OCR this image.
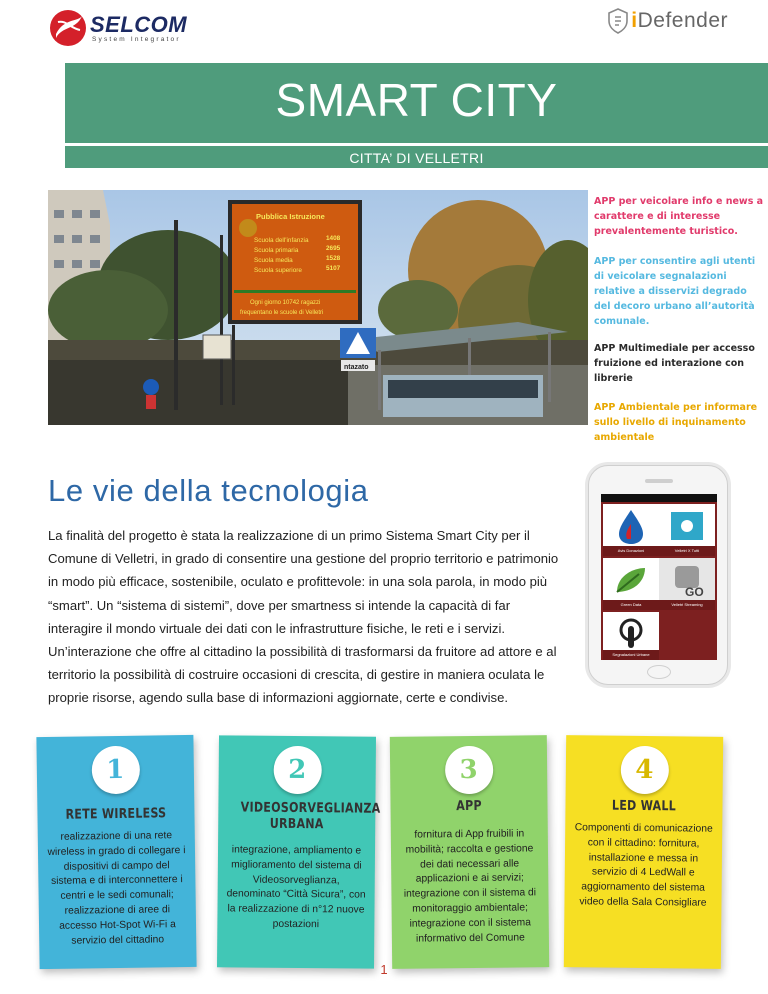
SELCOM
System Integrator
iDefender
SMART CITY
CITTA’ DI VELLETRI
Pubblica Istruzione
Scuola dell'infanzia	1408
Scuola primaria	2695
Scuola media	1528
Scuola superiore	5107
Ogni giorno 10742 ragazzi
frequentano le scuole di Velletri
ntazato
APP per veicolare info e news a carattere e di interesse prevalentemente turistico.
APP per consentire agli utenti di veicolare segnalazioni relative a disservizi degrado del decoro urbano all’autorità comunale.
APP Multimediale per accesso fruizione ed interazione con librerie
APP Ambientale per informare sullo livello di inquinamento ambientale
Le vie della tecnologia
La finalità del progetto è stata la realizzazione di un primo Sistema Smart City per il Comune di Velletri, in grado di consentire una gestione del proprio territorio e patrimonio in modo più efficace, sostenibile, oculato e profittevole: in una sola parola, in modo più “smart”. Un “sistema di sistemi”, dove per smartness si intende la capacità di far interagire il mondo virtuale dei dati con le infrastrutture fisiche, le reti e i servizi. Un’interazione che offre al cittadino la possibilità di trasformarsi da fruitore ad attore e al territorio la possibilità di costruire occasioni di crescita, di gestire in maniera oculata le proprie risorse, agendo sulla base di informazioni aggiornate, certe e condivise.
Avis Donazioni	Velletri X Tutti
Green Data
GO
Velletri Streaming
Segnalazioni Urbane
1
RETE WIRELESS
realizzazione di una rete wireless in grado di collegare i dispositivi di campo del sistema e di interconnettere i centri e le sedi comunali; realizzazione di aree di accesso Hot-Spot Wi-Fi a servizio del cittadino
2
VIDEOSORVEGLIANZA URBANA
integrazione, ampliamento e miglioramento del sistema di Videosorveglianza, denominato “Città Sicura”, con la realizzazione di n°12 nuove postazioni
3
APP
fornitura di App fruibili in mobilità; raccolta e gestione dei dati necessari alle applicazioni e ai servizi; integrazione con il sistema di monitoraggio ambientale; integrazione con il sistema informativo del Comune
4
LED WALL
Componenti di comunicazione con il cittadino: fornitura, installazione e messa in servizio di 4 LedWall e aggiornamento del sistema video della Sala Consigliare
1
